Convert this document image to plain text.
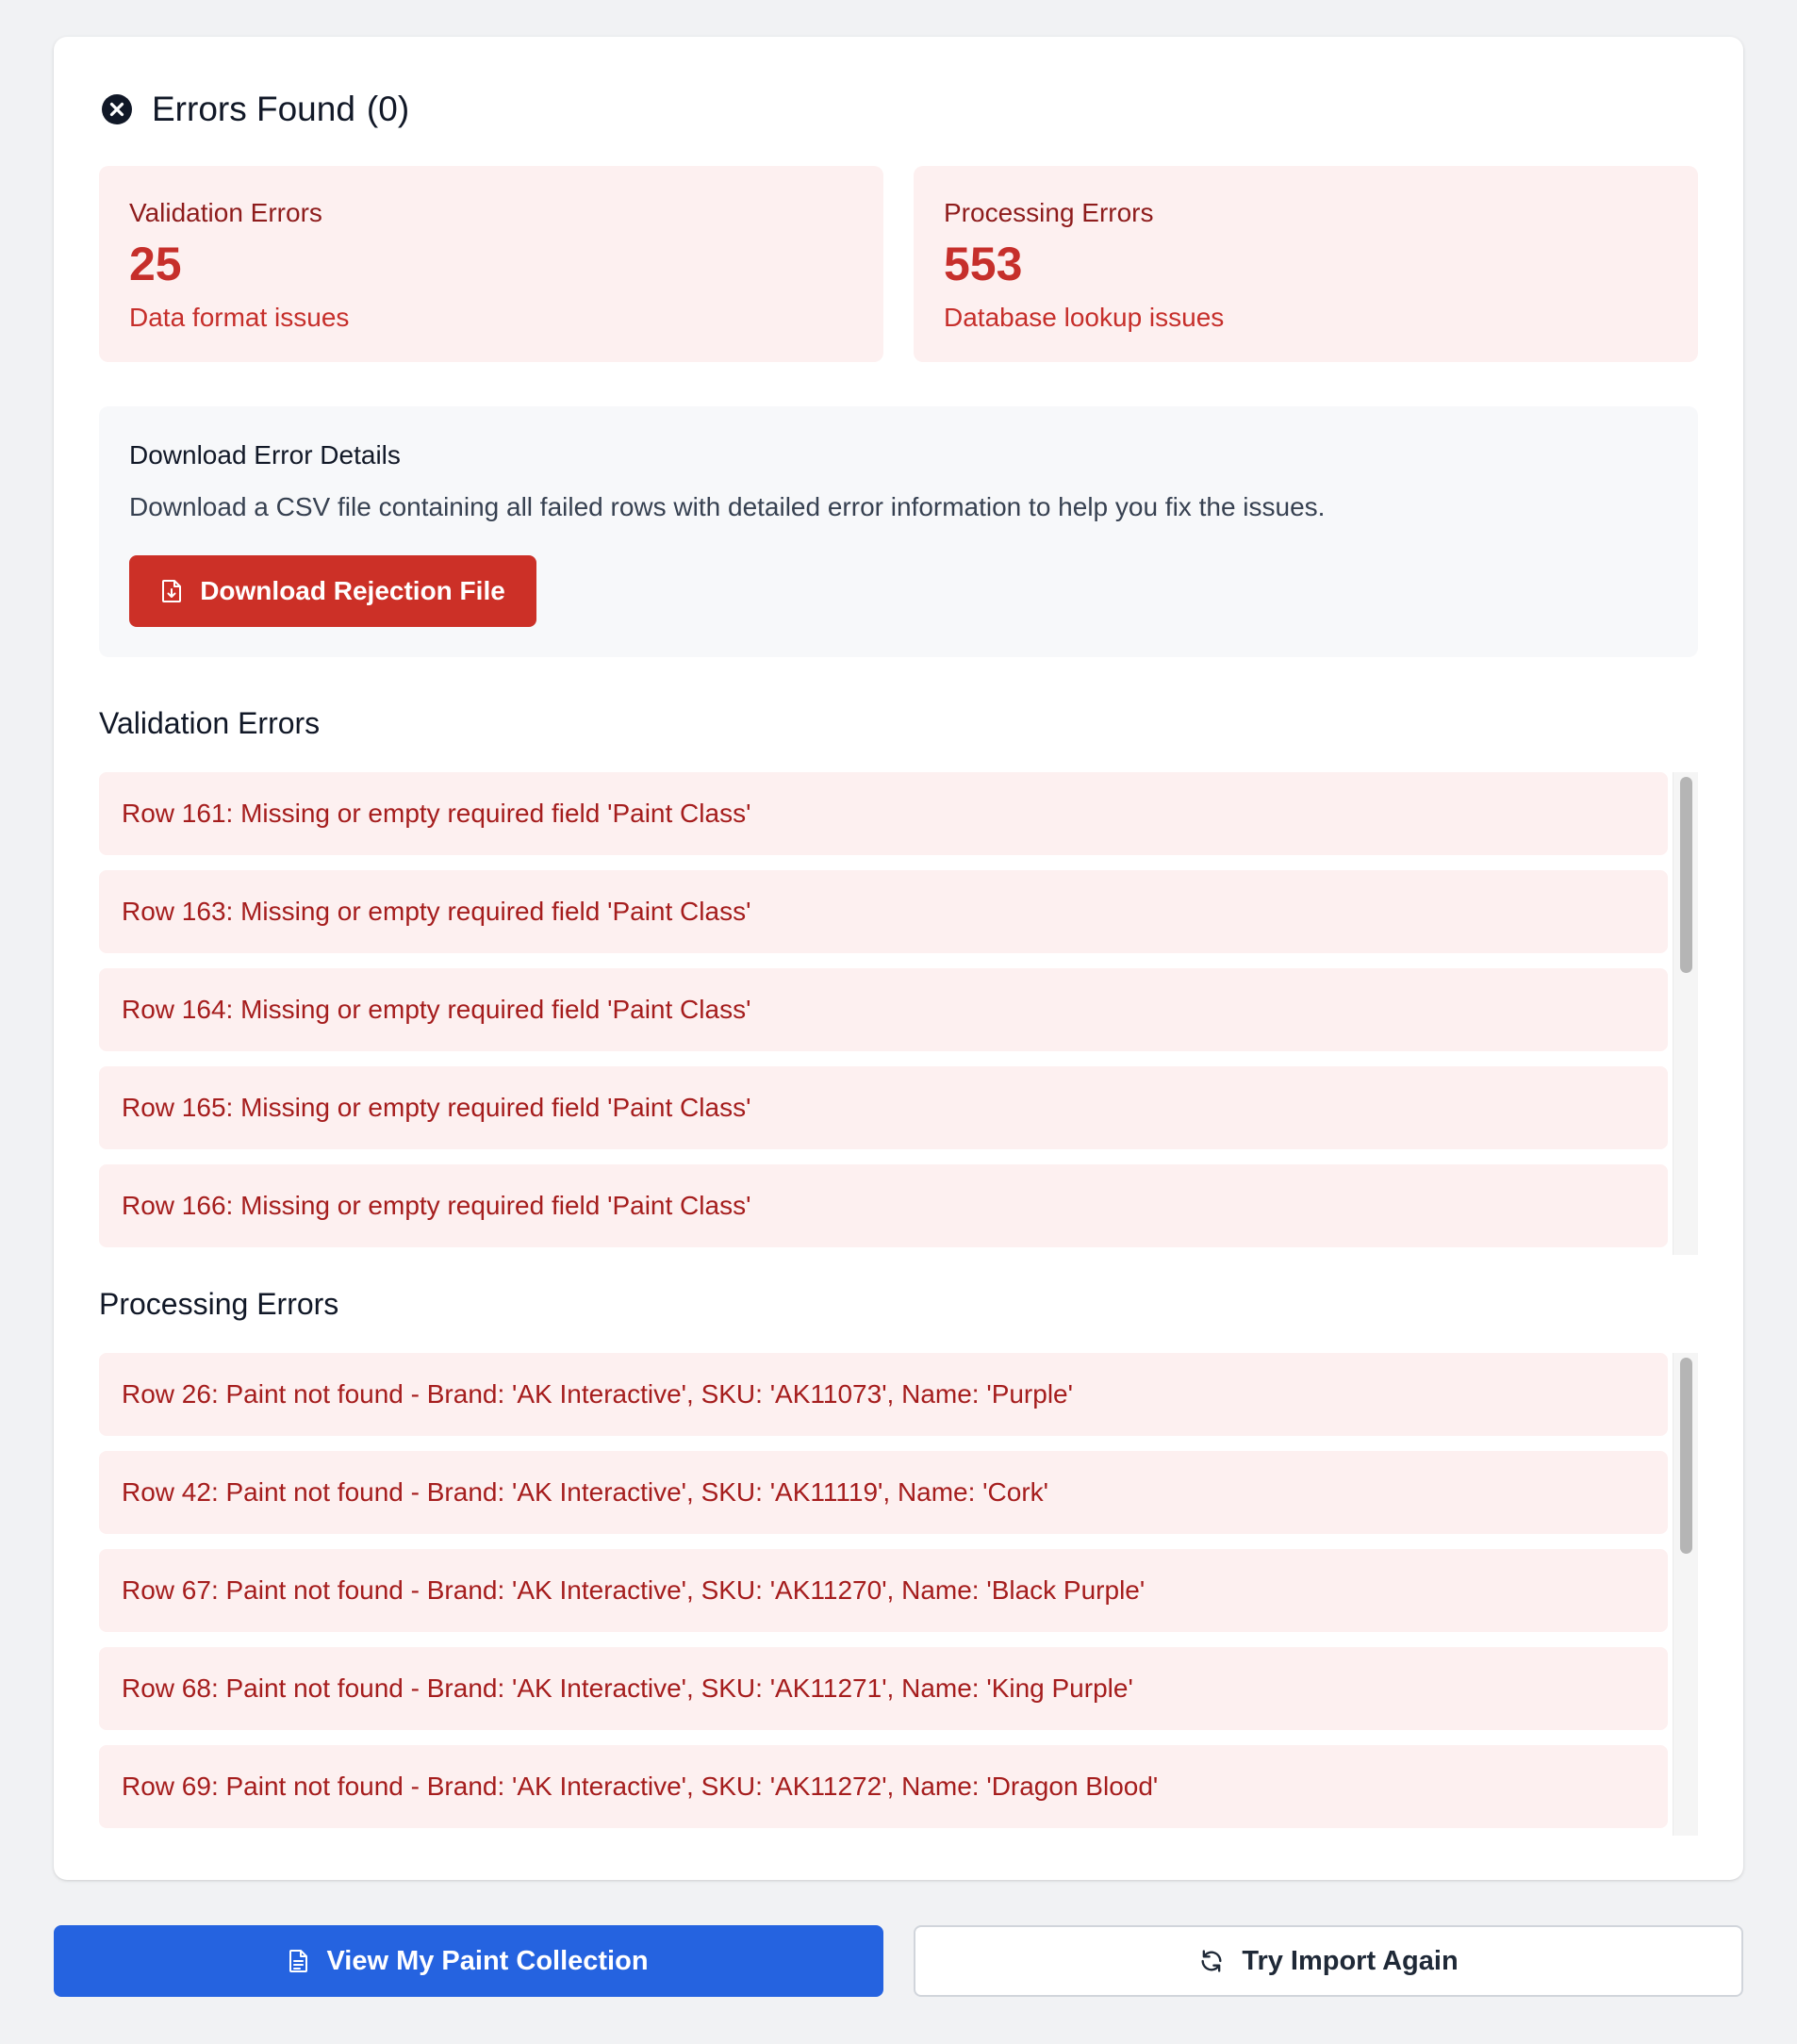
Errors Found (0)
Validation Errors
25
Data format issues
Processing Errors
553
Database lookup issues
Download Error Details
Download a CSV file containing all failed rows with detailed error information to help you fix the issues.
Download Rejection File
Validation Errors
Row 161: Missing or empty required field 'Paint Class'
Row 163: Missing or empty required field 'Paint Class'
Row 164: Missing or empty required field 'Paint Class'
Row 165: Missing or empty required field 'Paint Class'
Row 166: Missing or empty required field 'Paint Class'
Processing Errors
Row 26: Paint not found - Brand: 'AK Interactive', SKU: 'AK11073', Name: 'Purple'
Row 42: Paint not found - Brand: 'AK Interactive', SKU: 'AK11119', Name: 'Cork'
Row 67: Paint not found - Brand: 'AK Interactive', SKU: 'AK11270', Name: 'Black Purple'
Row 68: Paint not found - Brand: 'AK Interactive', SKU: 'AK11271', Name: 'King Purple'
Row 69: Paint not found - Brand: 'AK Interactive', SKU: 'AK11272', Name: 'Dragon Blood'
View My Paint Collection	Try Import Again
